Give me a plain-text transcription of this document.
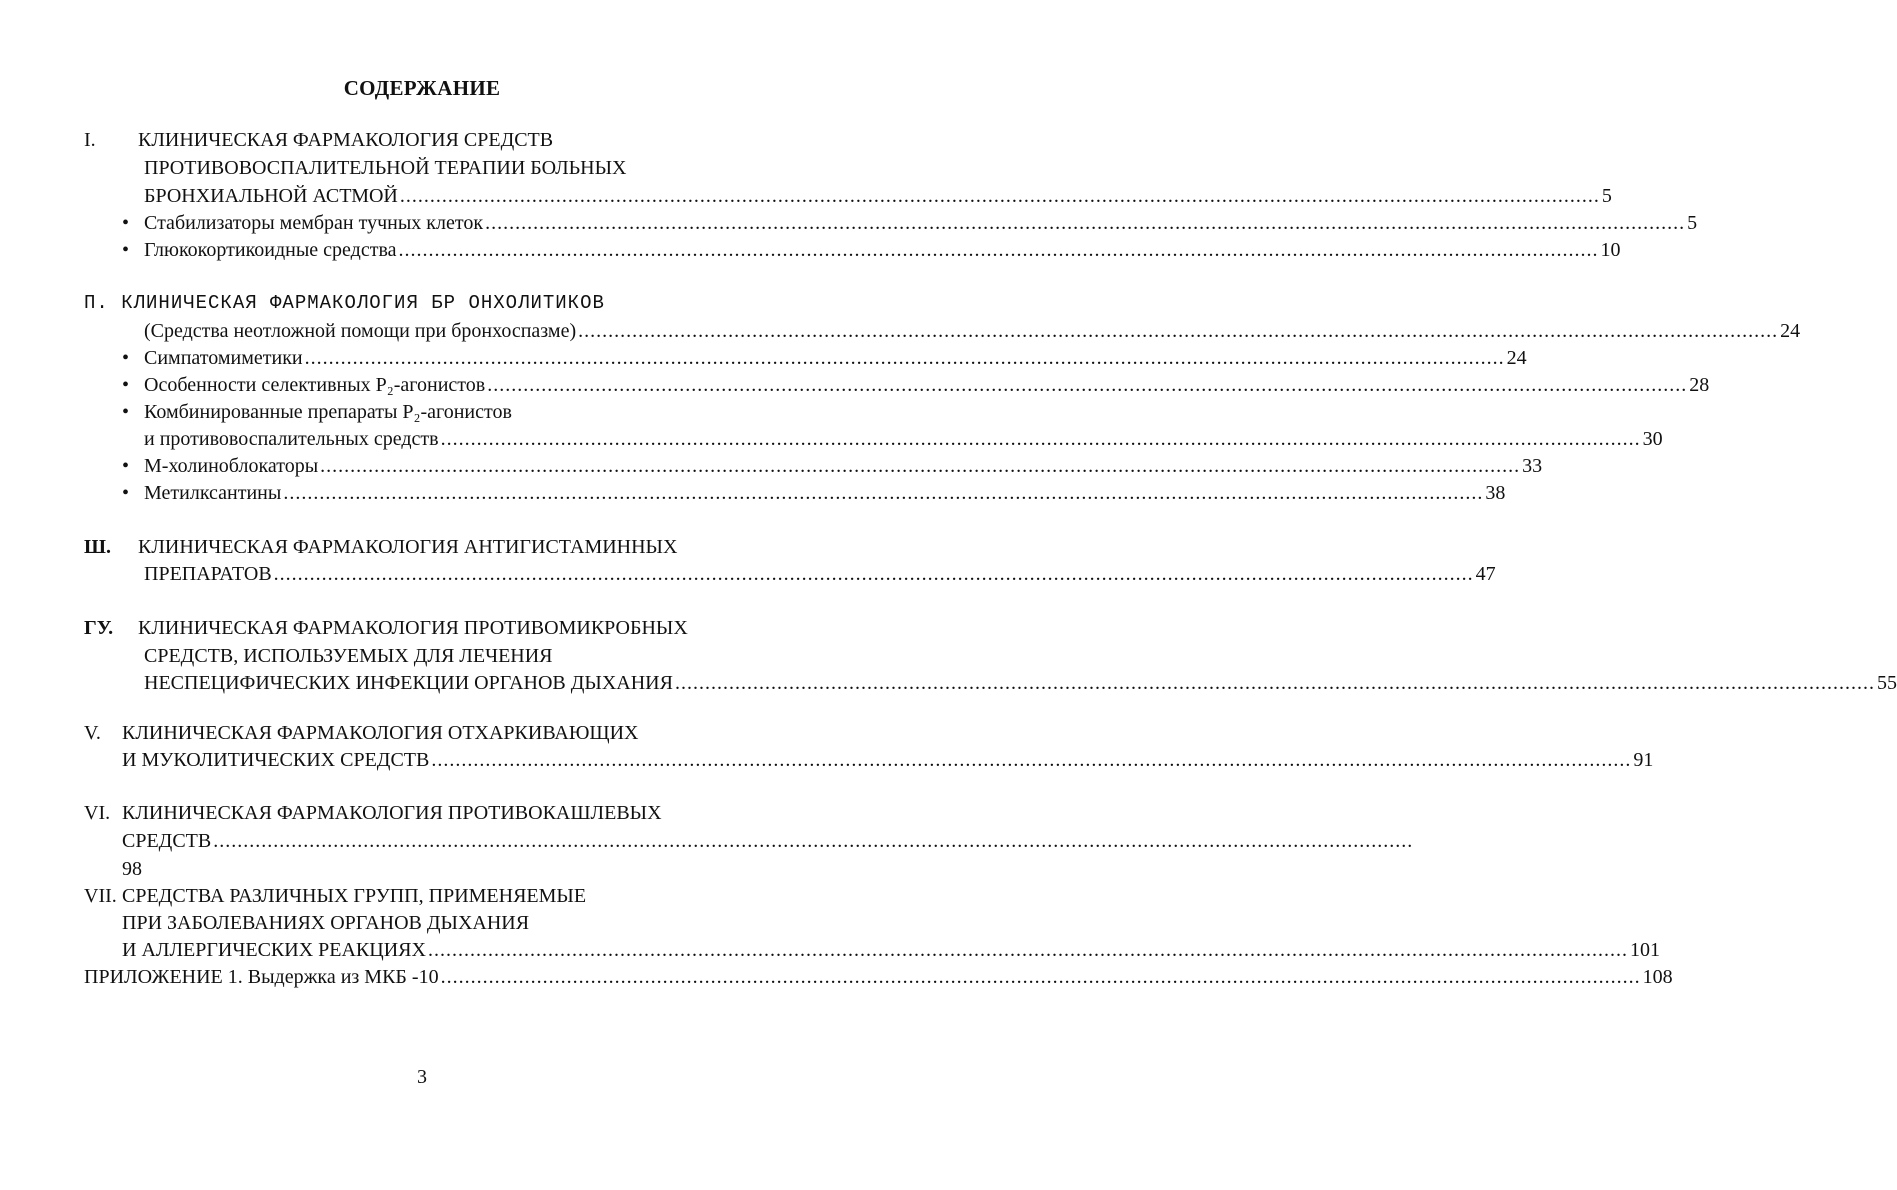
СОДЕРЖАНИЕ
I. КЛИНИЧЕСКАЯ ФАРМАКОЛОГИЯ СРЕДСТВ
ПРОТИВОВОСПАЛИТЕЛЬНОЙ ТЕРАПИИ БОЛЬНЫХ
БРОНХИАЛЬНОЙ АСТМОЙ ........................................................................................................................................................................................................ 5
• Стабилизаторы мембран тучных клеток ........................................................................................................................................................................................................ 5
• Глюкокортикоидные средства ........................................................................................................................................................................................................ 10
П. КЛИНИЧЕСКАЯ ФАРМАКОЛОГИЯ БР ОНХОЛИТИКОВ
(Средства неотложной помощи при бронхоспазме) ........................................................................................................................................................................................................ 24
• Симпатомиметики ........................................................................................................................................................................................................ 24
• Особенности селективных Р₂-агонистов ........................................................................................................................................................................................................ 28
• Комбинированные препараты Р₂-агонистов
и противовоспалительных средств ........................................................................................................................................................................................................ 30
• М-холиноблокаторы ........................................................................................................................................................................................................ 33
• Метилксантины ........................................................................................................................................................................................................ 38
Ш. КЛИНИЧЕСКАЯ ФАРМАКОЛОГИЯ АНТИГИСТАМИННЫХ
ПРЕПАРАТОВ ........................................................................................................................................................................................................ 47
ГУ. КЛИНИЧЕСКАЯ ФАРМАКОЛОГИЯ ПРОТИВОМИКРОБНЫХ
СРЕДСТВ, ИСПОЛЬЗУЕМЫХ ДЛЯ ЛЕЧЕНИЯ
НЕСПЕЦИФИЧЕСКИХ ИНФЕКЦИИ ОРГАНОВ ДЫХАНИЯ ........................................................................................................................................................................................................ 55
V. КЛИНИЧЕСКАЯ ФАРМАКОЛОГИЯ ОТХАРКИВАЮЩИХ
И МУКОЛИТИЧЕСКИХ СРЕДСТВ ........................................................................................................................................................................................................ 91
VI. КЛИНИЧЕСКАЯ ФАРМАКОЛОГИЯ ПРОТИВОКАШЛЕВЫХ
СРЕДСТВ ........................................................................................................................................................................................................
98
VII. СРЕДСТВА РАЗЛИЧНЫХ ГРУПП, ПРИМЕНЯЕМЫЕ
ПРИ ЗАБОЛЕВАНИЯХ ОРГАНОВ ДЫХАНИЯ
И АЛЛЕРГИЧЕСКИХ РЕАКЦИЯХ ........................................................................................................................................................................................................ 101
ПРИЛОЖЕНИЕ 1. Выдержка из МКБ -10 ........................................................................................................................................................................................................ 108
3
